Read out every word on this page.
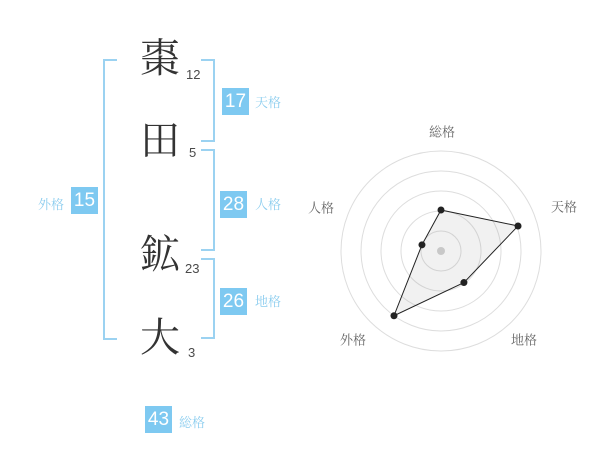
棗 12
田 5
鉱 23
大 3
17 天格
28 人格
26 地格
外格 15
43 総格
総格
天格
地格
外格
人格
